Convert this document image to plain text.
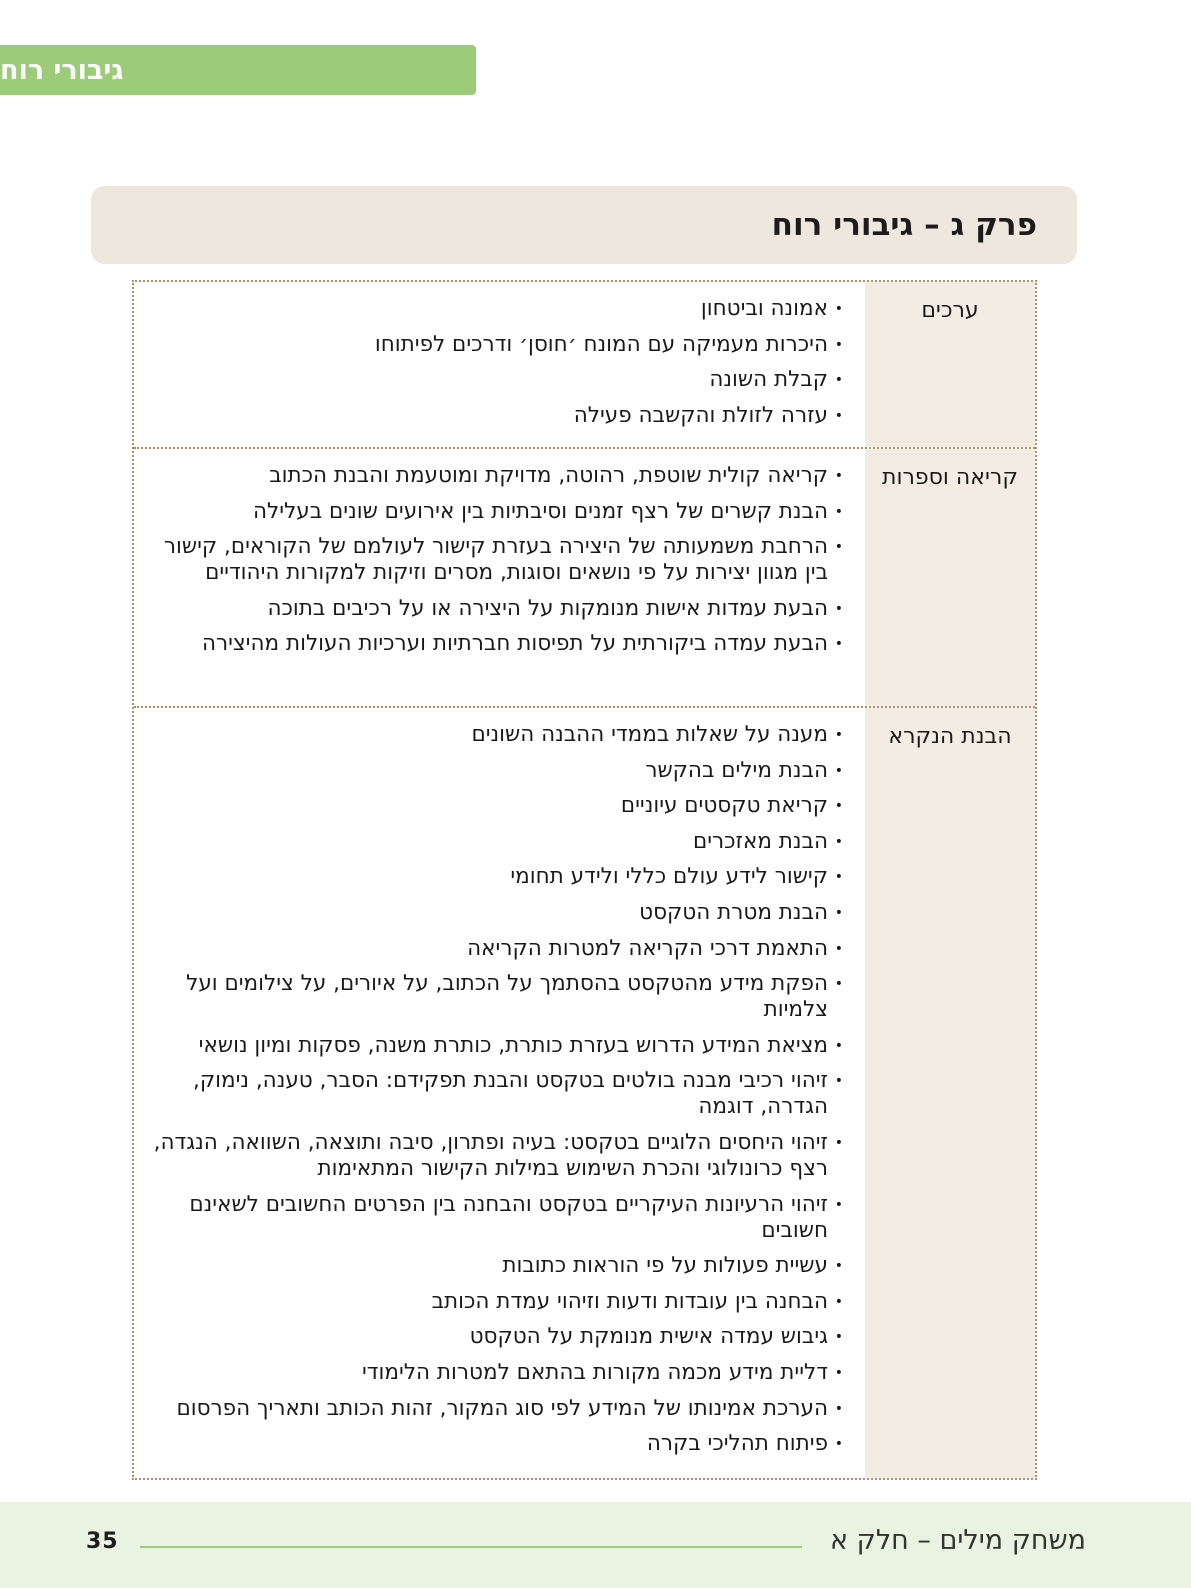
גיבורי רוח
פרק ג – גיבורי רוח
ערכים
• אמונה וביטחון
• היכרות מעמיקה עם המונח ׳חוסן׳ ודרכים לפיתוחו
• קבלת השונה
• עזרה לזולת והקשבה פעילה
קריאה וספרות
• קריאה קולית שוטפת, רהוטה, מדויקת ומוטעמת והבנת הכתוב
• הבנת קשרים של רצף זמנים וסיבתיות בין אירועים שונים בעלילה
• הרחבת משמעותה של היצירה בעזרת קישור לעולמם של הקוראים, קישור בין מגוון יצירות על פי נושאים וסוגות, מסרים וזיקות למקורות היהודיים
• הבעת עמדות אישות מנומקות על היצירה או על רכיבים בתוכה
• הבעת עמדה ביקורתית על תפיסות חברתיות וערכיות העולות מהיצירה
הבנת הנקרא
• מענה על שאלות בממדי ההבנה השונים
• הבנת מילים בהקשר
• קריאת טקסטים עיוניים
• הבנת מאזכרים
• קישור לידע עולם כללי ולידע תחומי
• הבנת מטרת הטקסט
• התאמת דרכי הקריאה למטרות הקריאה
• הפקת מידע מהטקסט בהסתמך על הכתוב, על איורים, על צילומים ועל צלמיות
• מציאת המידע הדרוש בעזרת כותרת, כותרת משנה, פסקות ומיון נושאי
• זיהוי רכיבי מבנה בולטים בטקסט והבנת תפקידם: הסבר, טענה, נימוק, הגדרה, דוגמה
• זיהוי היחסים הלוגיים בטקסט: בעיה ופתרון, סיבה ותוצאה, השוואה, הנגדה, רצף כרונולוגי והכרת השימוש במילות הקישור המתאימות
• זיהוי הרעיונות העיקריים בטקסט והבחנה בין הפרטים החשובים לשאינם חשובים
• עשיית פעולות על פי הוראות כתובות
• הבחנה בין עובדות ודעות וזיהוי עמדת הכותב
• גיבוש עמדה אישית מנומקת על הטקסט
• דליית מידע מכמה מקורות בהתאם למטרות הלימודי
• הערכת אמינותו של המידע לפי סוג המקור, זהות הכותב ותאריך הפרסום
• פיתוח תהליכי בקרה
משחק מילים – חלק א
35
